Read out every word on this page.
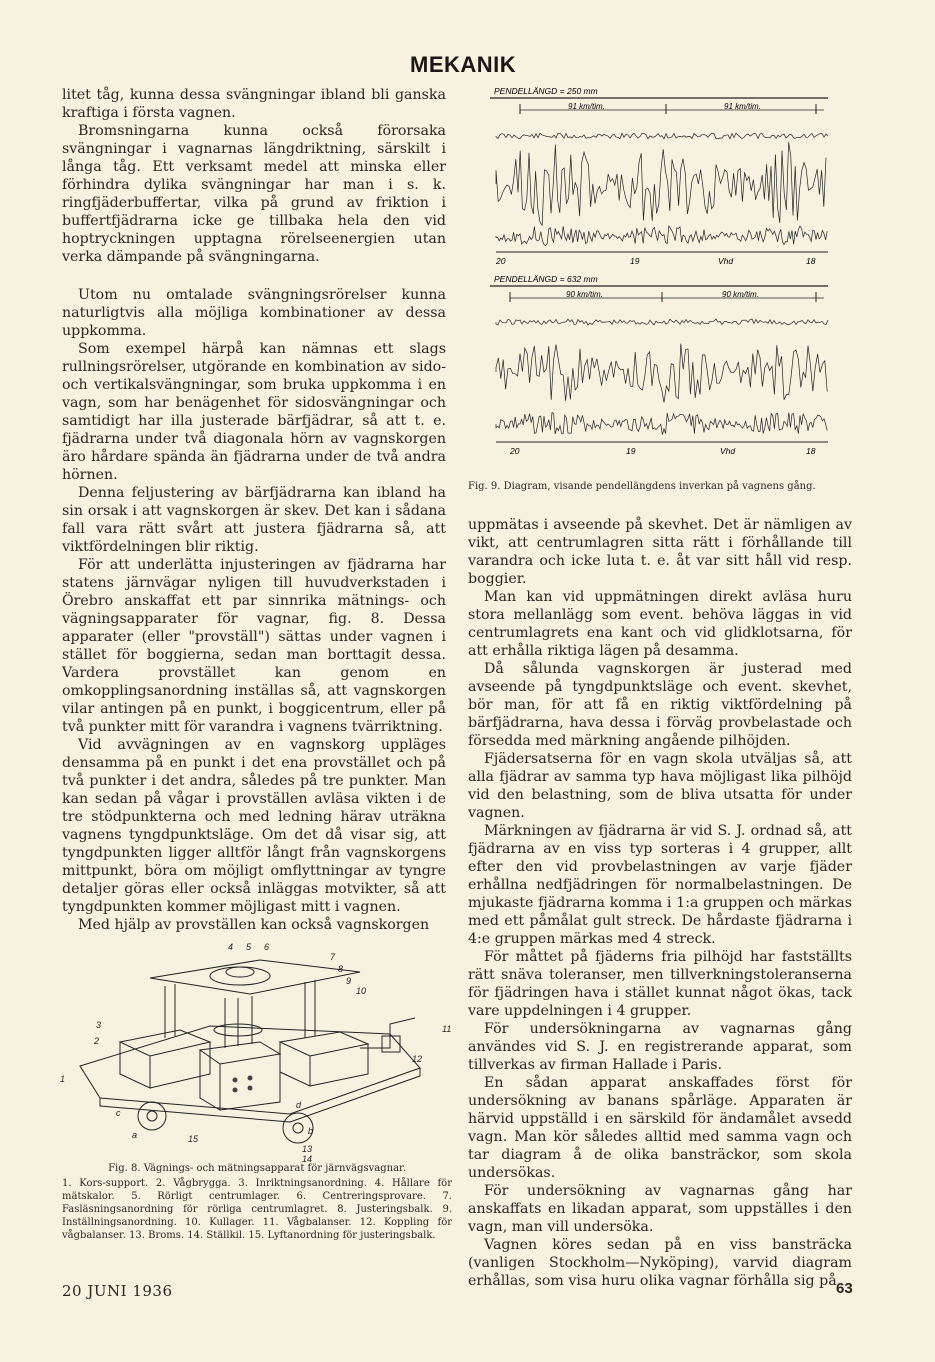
MEKANIK

litet tåg, kunna dessa svängningar ibland bli ganska kraftiga i första vagnen.

Bromsningarna kunna också förorsaka svängningar i vagnarnas längdriktning, särskilt i långa tåg. Ett verksamt medel att minska eller förhindra dylika svängningar har man i s. k. ringfjäderbuffertar, vilka på grund av friktion i buffertfjädrarna icke ge tillbaka hela den vid hoptryckningen upptagna rörelseenergien utan verka dämpande på svängningarna.

Utom nu omtalade svängningsrörelser kunna naturligtvis alla möjliga kombinationer av dessa uppkomma.

Som exempel härpå kan nämnas ett slags rullningsrörelser, utgörande en kombination av sido- och vertikalsvängningar, som bruka uppkomma i en vagn, som har benägenhet för sidosvängningar och samtidigt har illa justerade bärfjädrar, så att t. e. fjädrarna under två diagonala hörn av vagnskorgen äro hårdare spända än fjädrarna under de två andra hörnen.

Denna feljustering av bärfjädrarna kan ibland ha sin orsak i att vagnskorgen är skev. Det kan i sådana fall vara rätt svårt att justera fjädrarna så, att viktfördelningen blir riktig.

För att underlätta injusteringen av fjädrarna har statens järnvägar nyligen till huvudverkstaden i Örebro anskaffat ett par sinnrika mätnings- och vägningsapparater för vagnar, fig. 8. Dessa apparater (eller "provställ") sättas under vagnen i stället för boggierna, sedan man borttagit dessa. Vardera provstället kan genom en omkopplingsanordning inställas så, att vagnskorgen vilar antingen på en punkt, i boggicentrum, eller på två punkter mitt för varandra i vagnens tvärriktning.

Vid avvägningen av en vagnskorg uppläges densamma på en punkt i det ena provstället och på två punkter i det andra, således på tre punkter. Man kan sedan på vågar i provställen avläsa vikten i de tre stödpunkterna och med ledning härav uträkna vagnens tyngdpunktsläge. Om det då visar sig, att tyngdpunkten ligger alltför långt från vagnskorgens mittpunkt, böra om möjligt omflyttningar av tyngre detaljer göras eller också inläggas motvikter, så att tyngdpunkten kommer möjligast mitt i vagnen.

Med hjälp av provställen kan också vagnskorgen

PENDELLÄNGD = 250 mm
91 km/tim.	91 km/tim.
20	19	Vhd	18
PENDELLÄNGD = 632 mm
90 km/tim.	90 km/tim.
20	19	Vhd	18
Fig. 9. Diagram, visande pendellängdens inverkan på vagnens gång.

uppmätas i avseende på skevhet. Det är nämligen av vikt, att centrumlagren sitta rätt i förhållande till varandra och icke luta t. e. åt var sitt håll vid resp. boggier.

Man kan vid uppmätningen direkt avläsa huru stora mellanlägg som event. behöva läggas in vid centrumlagrets ena kant och vid glidklotsarna, för att erhålla riktiga lägen på desamma.

Då sålunda vagnskorgen är justerad med avseende på tyngdpunktsläge och event. skevhet, bör man, för att få en riktig viktfördelning på bärfjädrarna, hava dessa i förväg provbelastade och försedda med märkning angående pilhöjden.

Fjädersatserna för en vagn skola utväljas så, att alla fjädrar av samma typ hava möjligast lika pilhöjd vid den belastning, som de bliva utsatta för under vagnen.

Märkningen av fjädrarna är vid S. J. ordnad så, att fjädrarna av en viss typ sorteras i 4 grupper, allt efter den vid provbelastningen av varje fjäder erhållna nedfjädringen för normalbelastningen. De mjukaste fjädrarna komma i 1:a gruppen och märkas med ett påmålat gult streck. De hårdaste fjädrarna i 4:e gruppen märkas med 4 streck.

För måttet på fjäderns fria pilhöjd har fastställts rätt snäva toleranser, men tillverkningstoleranserna för fjädringen hava i stället kunnat något ökas, tack vare uppdelningen i 4 grupper.

För undersökningarna av vagnarnas gång användes vid S. J. en registrerande apparat, som tillverkas av firman Hallade i Paris.

En sådan apparat anskaffades först för undersökning av banans spårläge. Apparaten är härvid uppställd i en särskild för ändamålet avsedd vagn. Man kör således alltid med samma vagn och tar diagram å de olika bansträckor, som skola undersökas.

För undersökning av vagnarnas gång har anskaffats en likadan apparat, som uppställes i den vagn, man vill undersöka.

Vagnen köres sedan på en viss bansträcka (vanligen Stockholm—Nyköping), varvid diagram erhållas, som visa huru olika vagnar förhålla sig på

4 5 6
7
8
9
10
3
2
1
11
12
c
a
d
b
15
13
14
Fig. 8. Vägnings- och mätningsapparat för järnvägsvagnar.
1. Kors-support. 2. Vågbrygga. 3. Inriktningsanordning. 4. Hållare för mätskalor. 5. Rörligt centrumlager. 6. Centreringsprovare. 7. Fasläsningsanordning för rörliga centrumlagret. 8. Justeringsbalk. 9. Inställningsanordning. 10. Kullager. 11. Vågbalanser. 12. Koppling för vågbalanser. 13. Broms. 14. Ställkil. 15. Lyftanordning för justeringsbalk.
20 JUNI 1936	63
